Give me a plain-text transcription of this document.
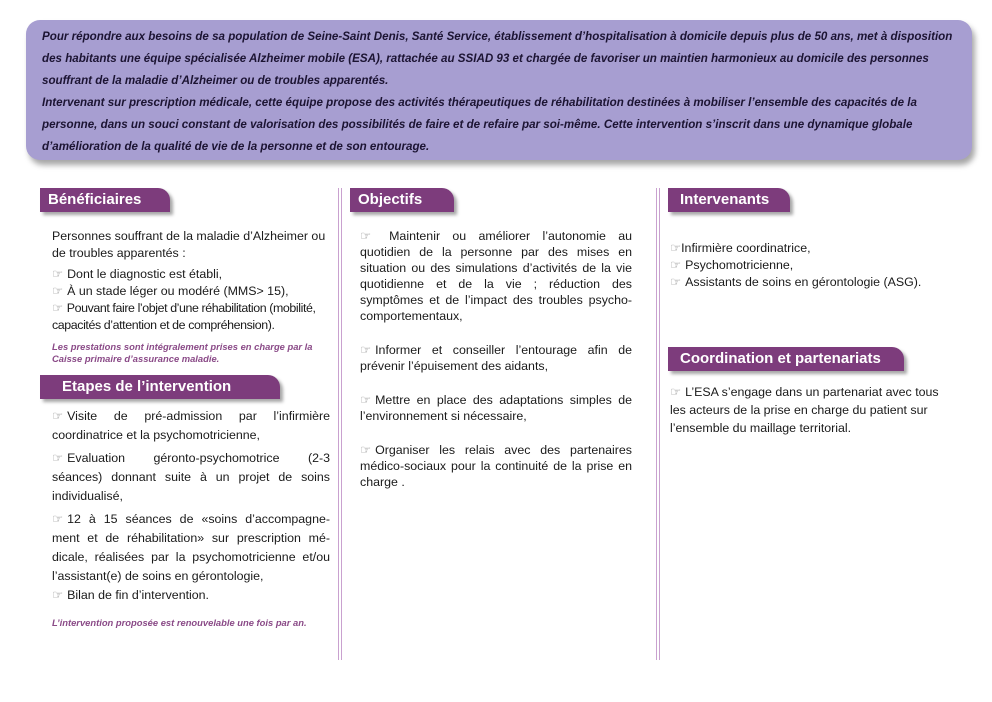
Pour répondre aux besoins de sa population de Seine-Saint Denis, Santé Service, établissement d’hospitalisation à domicile depuis plus de 50 ans, met à disposition des habitants une équipe spécialisée Alzheimer mobile (ESA), rattachée au SSIAD 93 et chargée de favoriser un maintien harmonieux au domicile des personnes souffrant de la maladie d’Alzheimer ou de troubles apparentés.

Intervenant sur prescription médicale, cette équipe propose des activités thérapeutiques de réhabilitation destinées à mobiliser l’ensemble des capacités de la personne, dans un souci constant de valorisation des possibilités de faire et de refaire par soi-même. Cette intervention s’inscrit dans une dynamique globale d’amélioration de la qualité de vie de la personne et de son entourage.

Bénéficiaires

Personnes souffrant de la maladie d’Alzheimer ou de troubles apparentés :

☞ Dont le diagnostic est établi,

☞ À un stade léger ou modéré (MMS> 15),

☞ Pouvant faire l’objet d’une réhabilitation (mobilité, capacités d’attention et de compréhension).

Les prestations sont intégralement prises en charge par la Caisse primaire d’assurance maladie.

Etapes de l’intervention

☞ Visite de pré-admission par l’infirmière coordinatrice et la psychomotricienne,

☞ Evaluation géronto-psychomotrice (2-3 séances) donnant suite à un projet de soins individualisé,

☞ 12 à 15 séances de «soins d’accompagne-ment et de réhabilitation» sur prescription mé-dicale, réalisées par la psychomotricienne et/ou l’assistant(e) de soins en gérontologie,

☞ Bilan de fin d’intervention.

L’intervention proposée est renouvelable une fois par an.

Objectifs

☞ Maintenir ou améliorer l’autonomie au quotidien de la personne par des mises en situation ou des simulations d’activités de la vie quotidienne et de la vie ; réduction des symptômes et de l’impact des troubles psycho-comportementaux,

☞ Informer et conseiller l’entourage afin de prévenir l’épuisement des aidants,

☞ Mettre en place des adaptations simples de l’environnement si nécessaire,

☞ Organiser les relais avec des partenaires médico-sociaux pour la continuité de la prise en charge .

Intervenants

☞Infirmière coordinatrice,

☞ Psychomotricienne,

☞ Assistants de soins en gérontologie (ASG).

Coordination et partenariats

☞ L’ESA s’engage dans un partenariat avec tous les acteurs de la prise en charge du patient sur l’ensemble du maillage territorial.
